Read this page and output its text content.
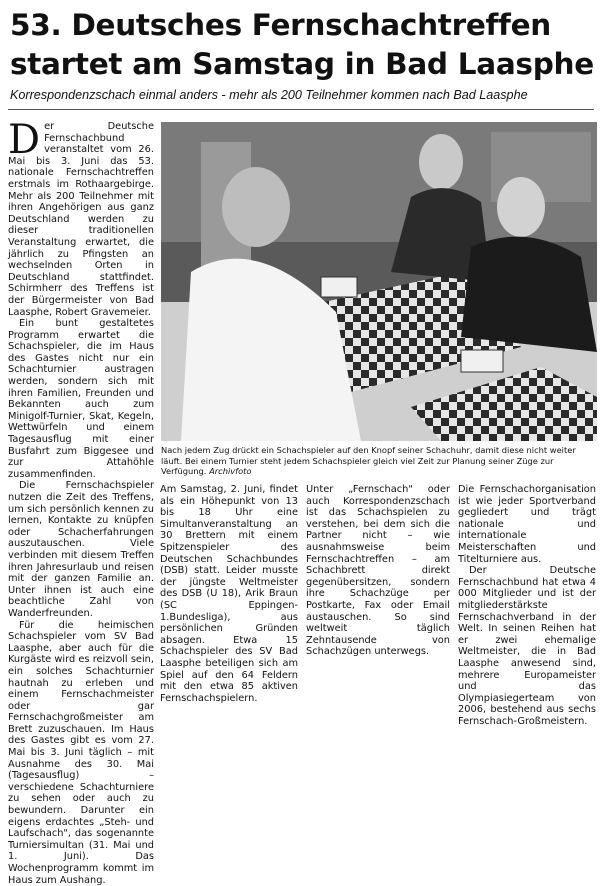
53. Deutsches Fernschachtreffen startet am Samstag in Bad Laasphe
Korrespondenzschach einmal anders - mehr als 200 Teilnehmer kommen nach Bad Laasphe

Der Deutsche Fernschachbund veranstaltet vom 26. Mai bis 3. Juni das 53. nationale Fernschachtreffen erstmals im Rothaargebirge. Mehr als 200 Teilnehmer mit ihren Angehörigen aus ganz Deutschland werden zu dieser traditionellen Veranstaltung erwartet, die jährlich zu Pfingsten an wechselnden Orten in Deutschland stattfindet. Schirmherr des Treffens ist der Bürgermeister von Bad Laasphe, Robert Gravemeier.

Ein bunt gestaltetes Programm erwartet die Schachspieler, die im Haus des Gastes nicht nur ein Schachturnier austragen werden, sondern sich mit ihren Familien, Freunden und Bekannten auch zum Minigolf-Turnier, Skat, Kegeln, Wettwürfeln und einem Tagesausflug mit einer Busfahrt zum Biggesee und zur Attahöhle zusammenfinden.

Die Fernschachspieler nutzen die Zeit des Treffens, um sich persönlich kennen zu lernen, Kontakte zu knüpfen oder Schacherfahrungen auszutauschen. Viele verbinden mit diesem Treffen ihren Jahresurlaub und reisen mit der ganzen Familie an. Unter ihnen ist auch eine beachtliche Zahl von Wanderfreunden.

Für die heimischen Schachspieler vom SV Bad Laasphe, aber auch für die Kurgäste wird es reizvoll sein, ein solches Schachturnier hautnah zu erleben und einem Fernschachmeister oder gar Fernschachgroßmeister am Brett zuzuschauen. Im Haus des Gastes gibt es vom 27. Mai bis 3. Juni täglich – mit Ausnahme des 30. Mai (Tagesausflug) – verschiedene Schachturniere zu sehen oder auch zu bewundern. Darunter ein eigens erdachtes „Steh- und Laufschach", das sogenannte Turniersimultan (31. Mai und 1. Juni). Das Wochenprogramm kommt im Haus zum Aushang.

Nach jedem Zug drückt ein Schachspieler auf den Knopf seiner Schachuhr, damit diese nicht weiter läuft. Bei einem Turnier steht jedem Schachspieler gleich viel Zeit zur Planung seiner Züge zur Verfügung. Archivfoto

Am Samstag, 2. Juni, findet als ein Höhepunkt von 13 bis 18 Uhr eine Simultanveranstaltung an 30 Brettern mit einem Spitzenspieler des Deutschen Schachbundes (DSB) statt. Leider musste der jüngste Weltmeister des DSB (U 18), Arik Braun (SC Eppingen-1.Bundesliga), aus persönlichen Gründen absagen. Etwa 15 Schachspieler des SV Bad Laasphe beteiligen sich am Spiel auf den 64 Feldern mit den etwa 85 aktiven Fernschachspielern.

Unter „Fernschach" oder auch Korrespondenzschach ist das Schachspielen zu verstehen, bei dem sich die Partner nicht – wie ausnahmsweise beim Fernschachtreffen – am Schachbrett direkt gegenübersitzen, sondern ihre Schachzüge per Postkarte, Fax oder Email austauschen. So sind weltweit täglich Zehntausende von Schachzügen unterwegs.

Die Fernschachorganisation ist wie jeder Sportverband gegliedert und trägt nationale und internationale Meisterschaften und Titelturniere aus.

Der Deutsche Fernschachbund hat etwa 4 000 Mitglieder und ist der mitgliederstärkste Fernschachverband in der Welt. In seinen Reihen hat er zwei ehemalige Weltmeister, die in Bad Laasphe anwesend sind, mehrere Europameister und das Olympiasiegerteam von 2006, bestehend aus sechs Fernschach-Großmeistern.
